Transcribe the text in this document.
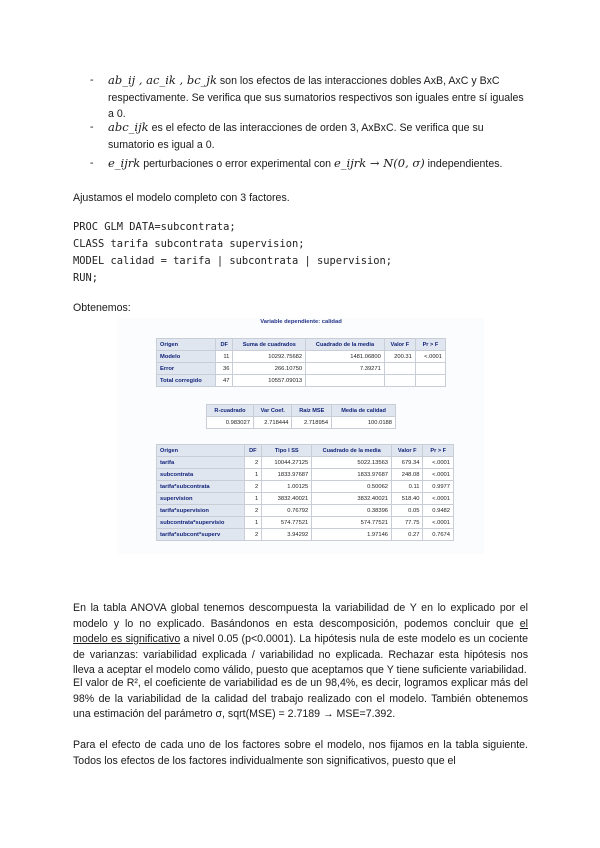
- ab_ij , ac_ik , bc_jk son los efectos de las interacciones dobles AxB, AxC y BxC respectivamente. Se verifica que sus sumatorios respectivos son iguales entre sí iguales a 0.
- abc_ijk es el efecto de las interacciones de orden 3, AxBxC. Se verifica que su sumatorio es igual a 0.
- e_ijrk perturbaciones o error experimental con e_ijrk → N(0, σ) independientes.
Ajustamos el modelo completo con 3 factores.
PROC GLM DATA=subcontrata;
CLASS tarifa subcontrata supervision;
MODEL calidad = tarifa | subcontrata | supervision;
RUN;
Obtenemos:
Variable dependiente: calidad
Origen	DF	Suma de cuadrados	Cuadrado de la media	Valor F	Pr > F
Modelo	11	10292.75682	1481.06800	200.31	<.0001
Error	36	266.10750	7.39271		
Total corregido	47	10557.09013			
R-cuadrado	Var Coef.	Raíz MSE	Media de calidad
0.983027	2.718444	2.718954	100.0188
Origen	DF	Tipo I SS	Cuadrado de la media	Valor F	Pr > F
tarifa	2	10044.27125	5022.13563	679.34	<.0001
subcontrata	1	1833.97687	1833.97687	248.08	<.0001
tarifa*subcontrata	2	1.00125	0.50062	0.11	0.9977
supervision	1	3832.40021	3832.40021	518.40	<.0001
tarifa*supervision	2	0.76792	0.38396	0.05	0.9482
subcontrata*supervisio	1	574.77521	574.77521	77.75	<.0001
tarifa*subcont*superv	2	3.94292	1.97146	0.27	0.7674
En la tabla ANOVA global tenemos descompuesta la variabilidad de Y en lo explicado por el modelo y lo no explicado. Basándonos en esta descomposición, podemos concluir que el modelo es significativo a nivel 0.05 (p<0.0001). La hipótesis nula de este modelo es un cociente de varianzas: variabilidad explicada / variabilidad no explicada. Rechazar esta hipótesis nos lleva a aceptar el modelo como válido, puesto que aceptamos que Y tiene suficiente variabilidad.
El valor de R², el coeficiente de variabilidad es de un 98,4%, es decir, logramos explicar más del 98% de la variabilidad de la calidad del trabajo realizado con el modelo. También obtenemos una estimación del parámetro σ, sqrt(MSE) = 2.7189 → MSE=7.392.
Para el efecto de cada uno de los factores sobre el modelo, nos fijamos en la tabla siguiente. Todos los efectos de los factores individualmente son significativos, puesto que el
